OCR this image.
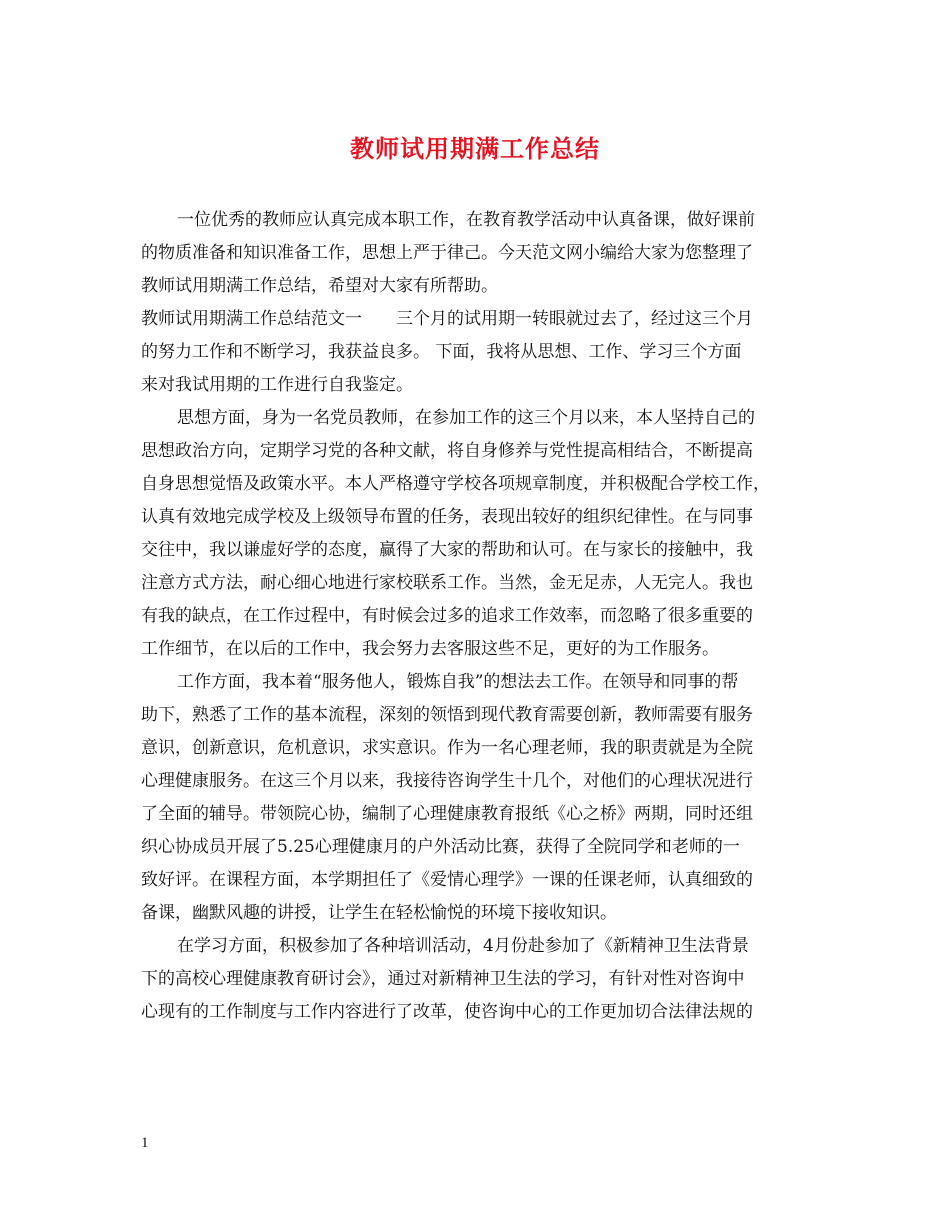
教师试用期满工作总结
一位优秀的教师应认真完成本职工作，在教育教学活动中认真备课，做好课前
的物质准备和知识准备工作，思想上严于律己。今天范文网小编给大家为您整理了
教师试用期满工作总结，希望对大家有所帮助。
教师试用期满工作总结范文一　　三个月的试用期一转眼就过去了，经过这三个月
的努力工作和不断学习，我获益良多。 下面，我将从思想、工作、学习三个方面
来对我试用期的工作进行自我鉴定。
思想方面，身为一名党员教师，在参加工作的这三个月以来，本人坚持自己的
思想政治方向，定期学习党的各种文献，将自身修养与党性提高相结合，不断提高
自身思想觉悟及政策水平。本人严格遵守学校各项规章制度，并积极配合学校工作，
认真有效地完成学校及上级领导布置的任务，表现出较好的组织纪律性。在与同事
交往中，我以谦虚好学的态度，赢得了大家的帮助和认可。在与家长的接触中，我
注意方式方法，耐心细心地进行家校联系工作。当然，金无足赤，人无完人。我也
有我的缺点，在工作过程中，有时候会过多的追求工作效率，而忽略了很多重要的
工作细节，在以后的工作中，我会努力去客服这些不足，更好的为工作服务。
工作方面，我本着“服务他人，锻炼自我”的想法去工作。在领导和同事的帮
助下，熟悉了工作的基本流程，深刻的领悟到现代教育需要创新，教师需要有服务
意识，创新意识，危机意识，求实意识。作为一名心理老师，我的职责就是为全院
心理健康服务。在这三个月以来，我接待咨询学生十几个，对他们的心理状况进行
了全面的辅导。带领院心协，编制了心理健康教育报纸《心之桥》两期，同时还组
织心协成员开展了5.25心理健康月的户外活动比赛，获得了全院同学和老师的一
致好评。在课程方面，本学期担任了《爱情心理学》一课的任课老师，认真细致的
备课，幽默风趣的讲授，让学生在轻松愉悦的环境下接收知识。
在学习方面，积极参加了各种培训活动，4月份赴参加了《新精神卫生法背景
下的高校心理健康教育研讨会》，通过对新精神卫生法的学习，有针对性对咨询中
心现有的工作制度与工作内容进行了改革，使咨询中心的工作更加切合法律法规的
1
